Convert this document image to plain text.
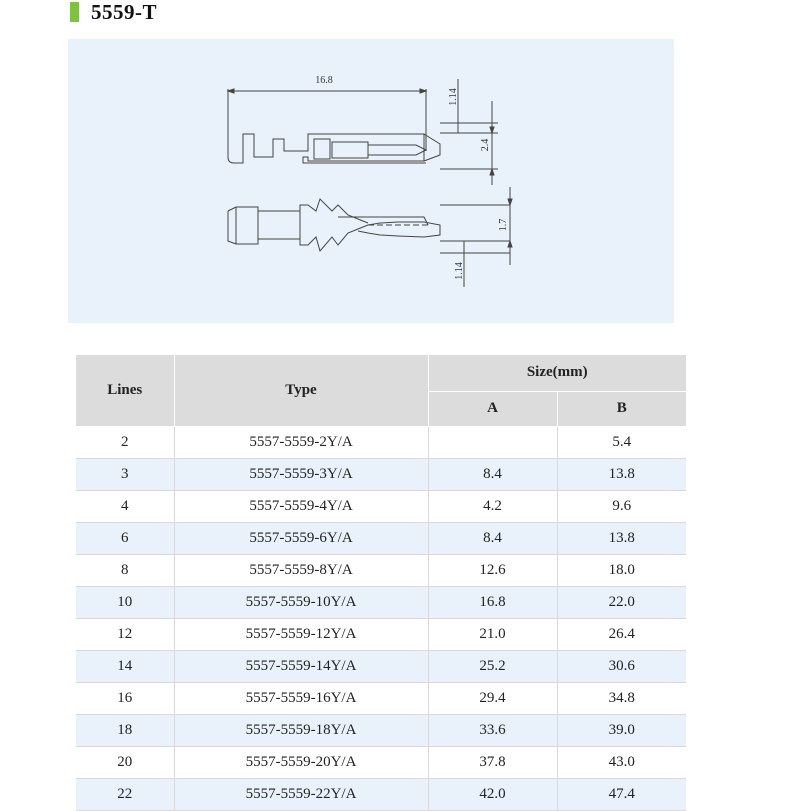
5559-T
16.8
1.14
2.4
1.7
1.14
Lines	Type	Size(mm)	
		A	B
2	5557-5559-2Y/A		5.4
3	5557-5559-3Y/A	8.4	13.8
4	5557-5559-4Y/A	4.2	9.6
6	5557-5559-6Y/A	8.4	13.8
8	5557-5559-8Y/A	12.6	18.0
10	5557-5559-10Y/A	16.8	22.0
12	5557-5559-12Y/A	21.0	26.4
14	5557-5559-14Y/A	25.2	30.6
16	5557-5559-16Y/A	29.4	34.8
18	5557-5559-18Y/A	33.6	39.0
20	5557-5559-20Y/A	37.8	43.0
22	5557-5559-22Y/A	42.0	47.4
